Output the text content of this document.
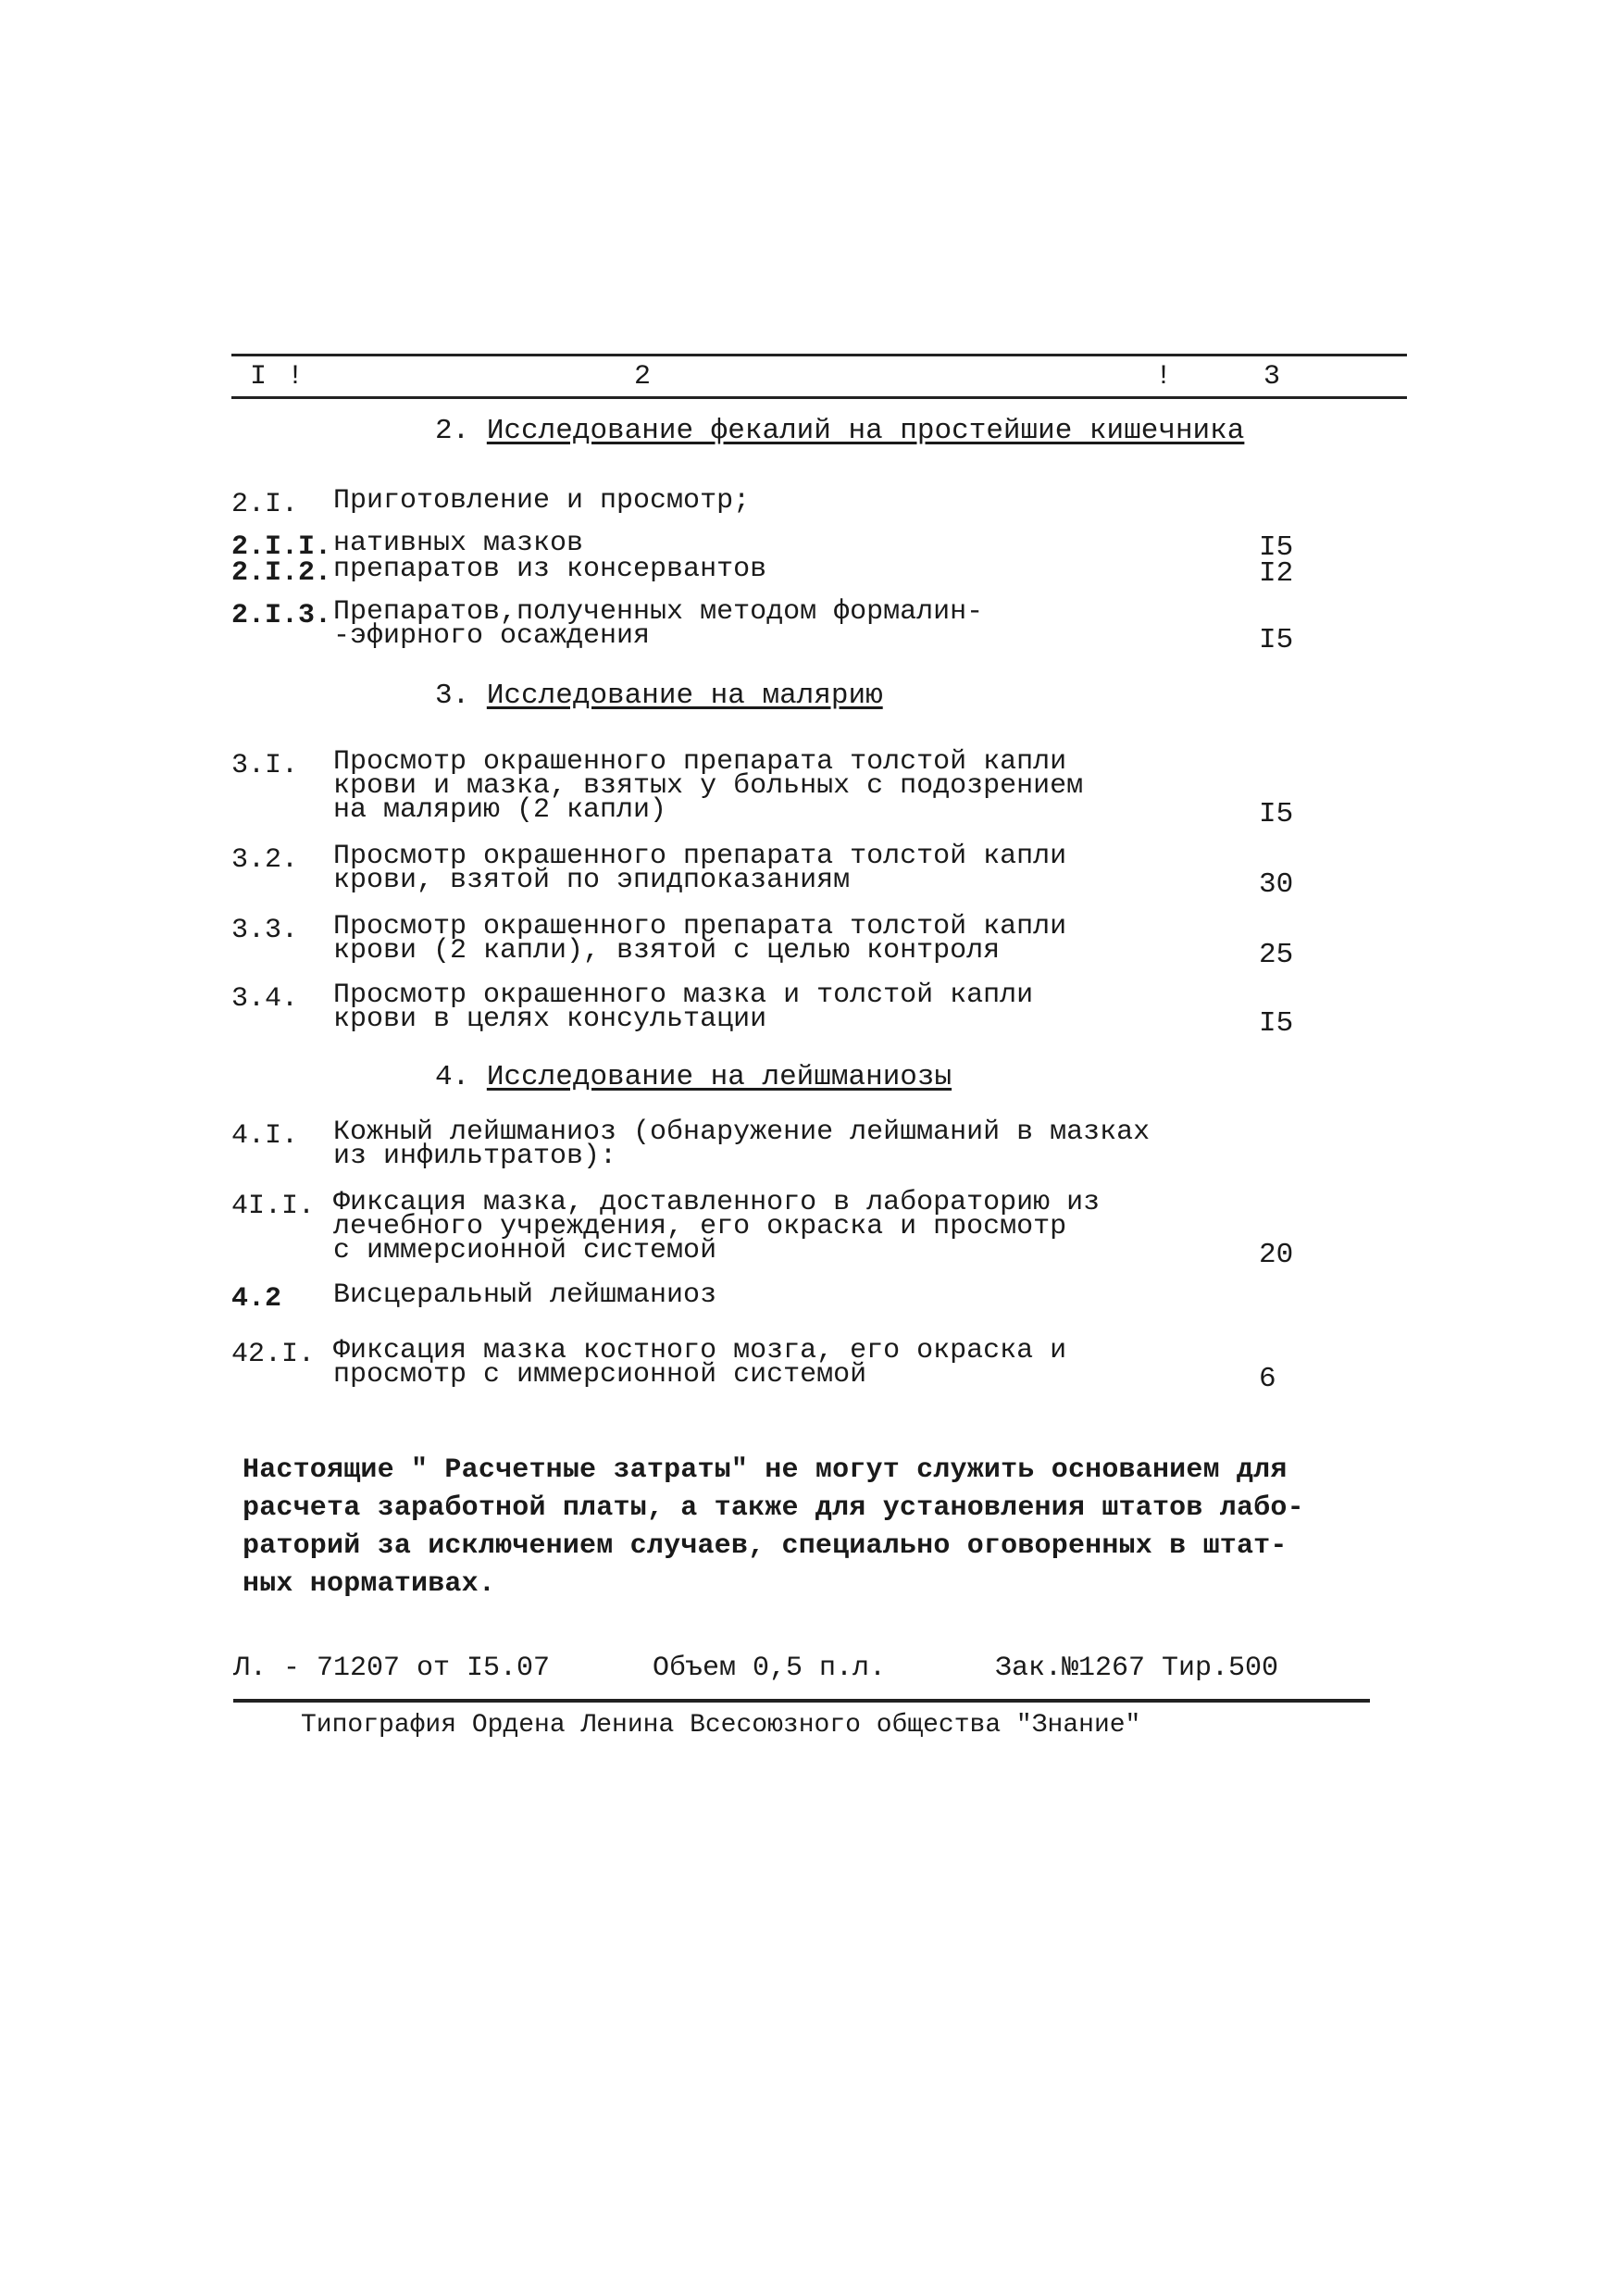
I !	2	!	3
2. Исследование фекалий на простейшие кишечника
2.I. Приготовление и просмотр;
2.I.I. нативных мазков	I5
2.I.2. препаратов из консервантов	I2
2.I.3. Препаратов,полученных методом формалин-
-эфирного осаждения	I5
3. Исследование на малярию
3.I. Просмотр окрашенного препарата толстой капли
крови и мазка, взятых у больных с подозрением
на малярию (2 капли)	I5
3.2. Просмотр окрашенного препарата толстой капли
крови, взятой по эпидпоказаниям	30
3.3. Просмотр окрашенного препарата толстой капли
крови (2 капли), взятой с целью контроля	25
3.4. Просмотр окрашенного мазка и толстой капли
крови в целях консультации	I5
4. Исследование на лейшманиозы
4.I. Кожный лейшманиоз (обнаружение лейшманий в мазках
из инфильтратов):
4I.I. Фиксация мазка, доставленного в лабораторию из
лечебного учреждения, его окраска и просмотр
с иммерсионной системой	20
4.2 Висцеральный лейшманиоз
42.I. Фиксация мазка костного мозга, его окраска и
просмотр с иммерсионной системой	6
Настоящие " Расчетные затраты" не могут служить основанием для
расчета заработной платы, а также для установления штатов лабо-
раторий за исключением случаев, специально оговоренных в штат-
ных нормативах.
Л. - 71207 от I5.07	Объем 0,5 п.л.	Зак.№1267 Тир.500
Типография Ордена Ленина Всесоюзного общества "Знание"
